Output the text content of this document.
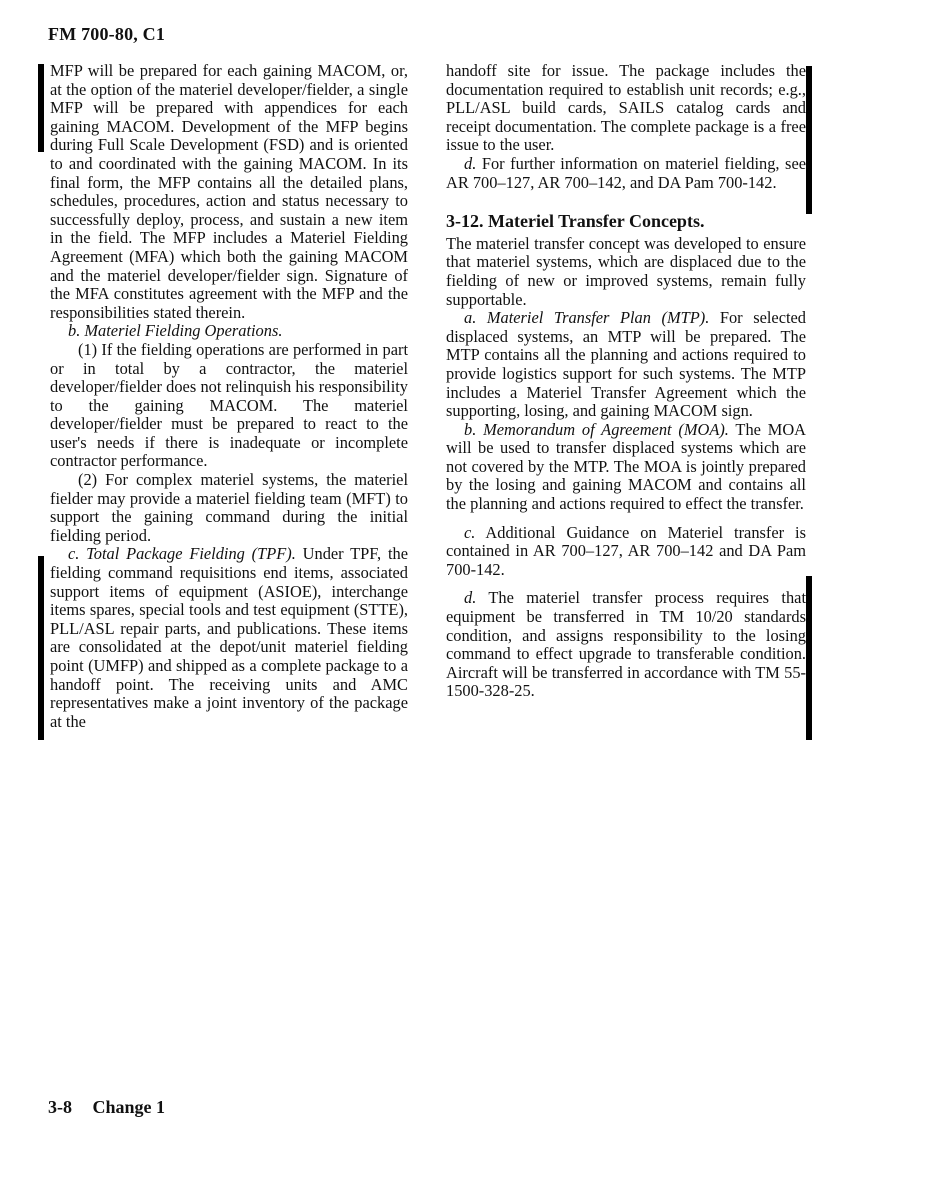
FM 700-80, C1

MFP will be prepared for each gaining MACOM, or, at the option of the materiel developer/fielder, a single MFP will be prepared with appendices for each gaining MACOM. Development of the MFP begins during Full Scale Development (FSD) and is oriented to and coordinated with the gaining MACOM. In its final form, the MFP contains all the detailed plans, schedules, procedures, action and status necessary to successfully deploy, process, and sustain a new item in the field. The MFP includes a Materiel Fielding Agreement (MFA) which both the gaining MACOM and the materiel developer/fielder sign. Signature of the MFA constitutes agreement with the MFP and the responsibilities stated therein.

b. Materiel Fielding Operations.

(1) If the fielding operations are performed in part or in total by a contractor, the materiel developer/fielder does not relinquish his responsibility to the gaining MACOM. The materiel developer/fielder must be prepared to react to the user's needs if there is inadequate or incomplete contractor performance.

(2) For complex materiel systems, the materiel fielder may provide a materiel fielding team (MFT) to support the gaining command during the initial fielding period.

c. Total Package Fielding (TPF). Under TPF, the fielding command requisitions end items, associated support items of equipment (ASIOE), interchange items spares, special tools and test equipment (STTE), PLL/ASL repair parts, and publications. These items are consolidated at the depot/unit materiel fielding point (UMFP) and shipped as a complete package to a handoff point. The receiving units and AMC representatives make a joint inventory of the package at the

handoff site for issue. The package includes the documentation required to establish unit records; e.g., PLL/ASL build cards, SAILS catalog cards and receipt documentation. The complete package is a free issue to the user.

d. For further information on materiel fielding, see AR 700–127, AR 700–142, and DA Pam 700-142.

3-12. Materiel Transfer Concepts.

The materiel transfer concept was developed to ensure that materiel systems, which are displaced due to the fielding of new or improved systems, remain fully supportable.

a. Materiel Transfer Plan (MTP). For selected displaced systems, an MTP will be prepared. The MTP contains all the planning and actions required to provide logistics support for such systems. The MTP includes a Materiel Transfer Agreement which the supporting, losing, and gaining MACOM sign.

b. Memorandum of Agreement (MOA). The MOA will be used to transfer displaced systems which are not covered by the MTP. The MOA is jointly prepared by the losing and gaining MACOM and contains all the planning and actions required to effect the transfer.

c. Additional Guidance on Materiel transfer is contained in AR 700–127, AR 700–142 and DA Pam 700-142.

d. The materiel transfer process requires that equipment be transferred in TM 10/20 standards condition, and assigns responsibility to the losing command to effect upgrade to transferable condition. Aircraft will be transferred in accordance with TM 55-1500-328-25.

3-8 Change 1
